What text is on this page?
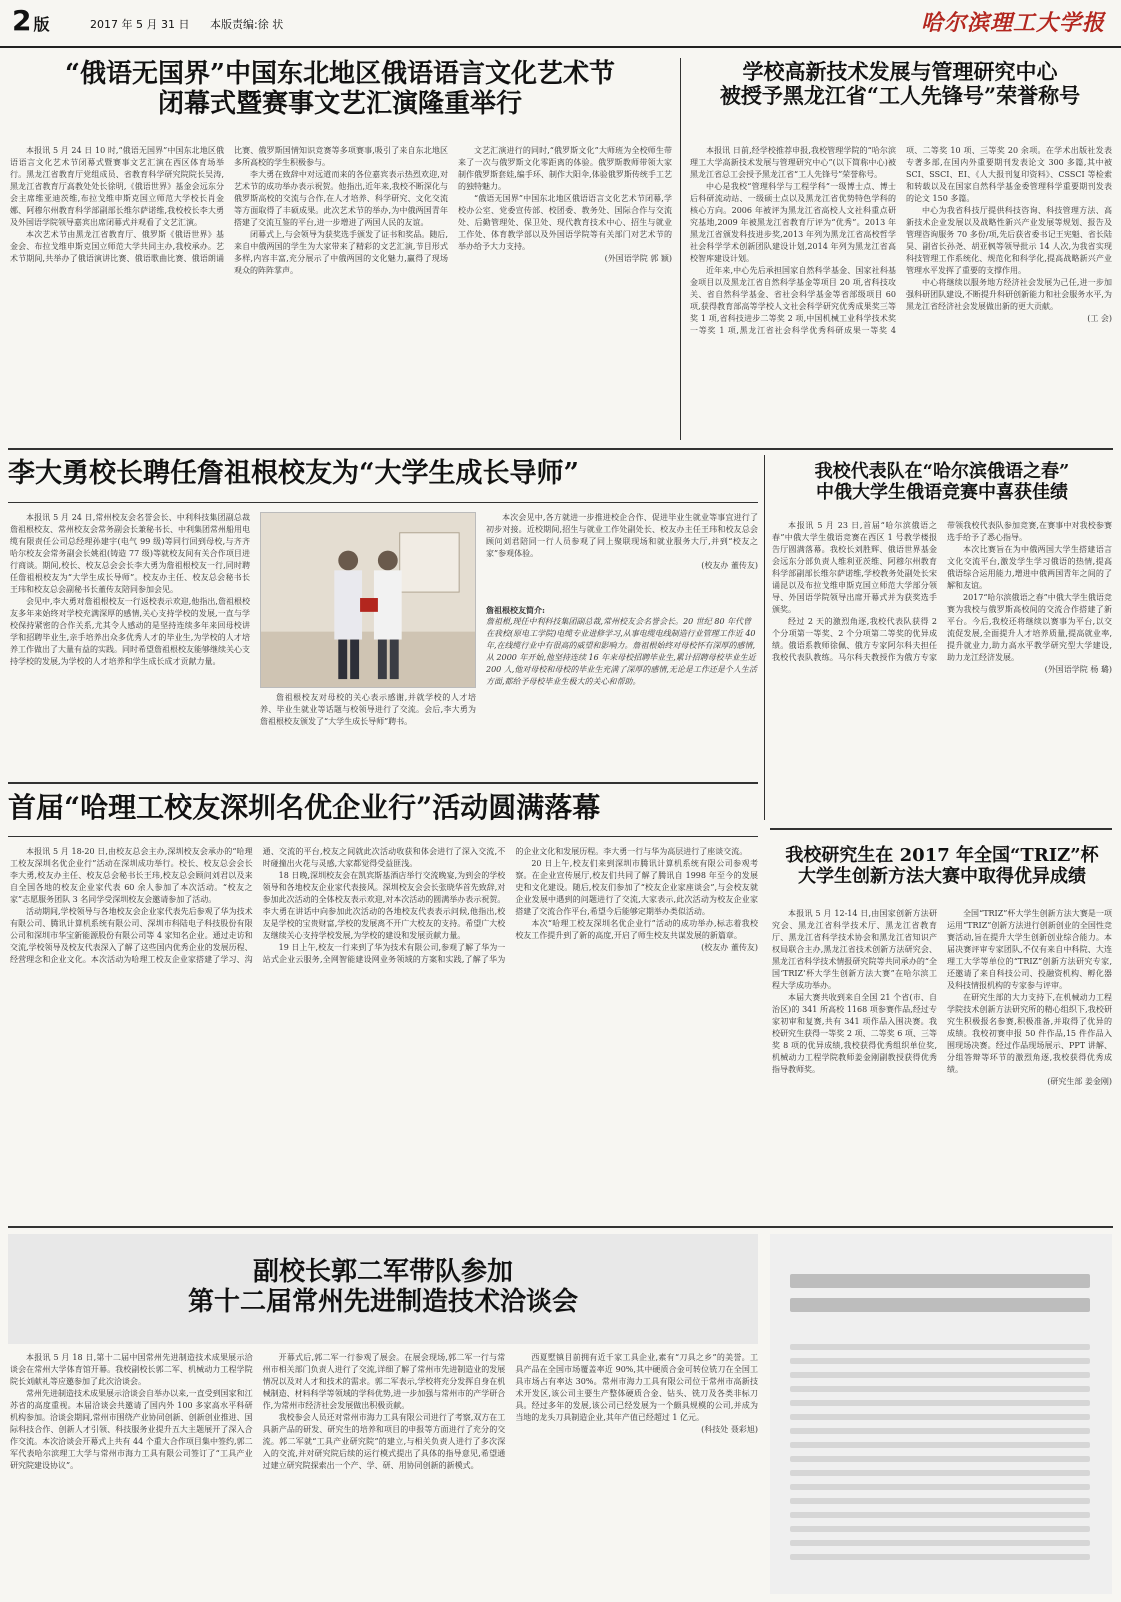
2 版	2017 年 5 月 31 日 本版责编:徐 状	哈尔滨理工大学报
“俄语无国界”中国东北地区俄语语言文化艺术节
闭幕式暨赛事文艺汇演隆重举行

本报讯 5 月 24 日 10 时,“俄语无国界”中国东北地区俄语语言文化艺术节闭幕式暨赛事文艺汇演在西区体育场举行。黑龙江省教育厅党组成员、省教育科学研究院院长吴涛,黑龙江省教育厅高教处处长徐明,《俄语世界》基金会远东分会主席维亚迪茨维,布拉戈维申斯克国立师范大学校长肖金娜、阿穆尔州教育科学部副部长维尔萨诺维,我校校长李大勇及外国语学院领导嘉宾出席闭幕式并观看了文艺汇演。

本次艺术节由黑龙江省教育厅、俄罗斯《俄语世界》基金会、布拉戈维申斯克国立师范大学共同主办,我校承办。艺术节期间,共举办了俄语演讲比赛、俄语歌曲比赛、俄语朗诵比赛、俄罗斯国情知识竞赛等多项赛事,吸引了来自东北地区多所高校的学生积极参与。

李大勇在致辞中对远道而来的各位嘉宾表示热烈欢迎,对艺术节的成功举办表示祝贺。他指出,近年来,我校不断深化与俄罗斯高校的交流与合作,在人才培养、科学研究、文化交流等方面取得了丰硕成果。此次艺术节的举办,为中俄两国青年搭建了交流互鉴的平台,进一步增进了两国人民的友谊。

闭幕式上,与会领导为获奖选手颁发了证书和奖品。随后,来自中俄两国的学生为大家带来了精彩的文艺汇演,节目形式多样,内容丰富,充分展示了中俄两国的文化魅力,赢得了现场观众的阵阵掌声。

文艺汇演进行的同时,“俄罗斯文化”大师班为全校师生带来了一次与俄罗斯文化零距离的体验。俄罗斯教师带领大家制作俄罗斯套娃,编手环、制作大阳伞,体验俄罗斯传统手工艺的独特魅力。

“俄语无国界”中国东北地区俄语语言文化艺术节闭幕,学校办公室、党委宣传部、校团委、教务处、国际合作与交流处、后勤管理处、保卫处、现代教育技术中心、招生与就业工作处、体育教学部以及外国语学院等有关部门对艺术节的举办给予大力支持。

(外国语学院 郭 颖)
学校高新技术发展与管理研究中心
被授予黑龙江省“工人先锋号”荣誉称号

本报讯 日前,经学校推荐申报,我校管理学院的“哈尔滨理工大学高新技术发展与管理研究中心”(以下简称中心)被黑龙江省总工会授予黑龙江省“工人先锋号”荣誉称号。

中心是我校“管理科学与工程学科”一级博士点、博士后科研流动站、一级硕士点以及黑龙江省优势特色学科的核心方向。2006 年被评为黑龙江省高校人文社科重点研究基地,2009 年被黑龙江省教育厅评为“优秀”。2013 年黑龙江省颁发科技进步奖,2013 年列为黑龙江省高校哲学社会科学学术创新团队建设计划,2014 年列为黑龙江省高校智库建设计划。

近年来,中心先后承担国家自然科学基金、国家社科基金项目以及黑龙江省自然科学基金等项目 20 项,省科技攻关、省自然科学基金、省社会科学基金等省部级项目 60 项,获得教育部高等学校人文社会科学研究优秀成果奖三等奖 1 项,省科技进步二等奖 2 项,中国机械工业科学技术奖一等奖 1 项,黑龙江省社会科学优秀科研成果一等奖 4 项、二等奖 10 项、三等奖 20 余项。在学术出版社发表专著多部,在国内外重要期刊发表论文 300 多篇,其中被 SCI、SSCI、EI、《人大报刊复印资料》、CSSCI 等检索和转载以及在国家自然科学基金委管理科学重要期刊发表的论文 150 多篇。

中心为我省科技厅提供科技咨询、科技管理方法、高新技术企业发展以及战略性新兴产业发展等规划、报告及管理咨询服务 70 多份/项,先后获省委书记王宪魁、省长陆昊、副省长孙尧、胡亚枫等领导批示 14 人次,为我省实现科技管理工作系统化、规范化和科学化,提高战略新兴产业管理水平发挥了重要的支撑作用。

中心将继续以服务地方经济社会发展为己任,进一步加强科研团队建设,不断提升科研创新能力和社会服务水平,为黑龙江省经济社会发展做出新的更大贡献。

(工 会)
李大勇校长聘任詹祖根校友为“大学生成长导师”

本报讯 5 月 24 日,常州校友会名誉会长、中利科技集团副总裁詹祖根校友、常州校友会常务副会长兼秘书长、中利集团常州船用电缆有限责任公司总经理孙建宇(电气 99 级)等同行回到母校,与齐齐哈尔校友会常务副会长姚祖(铸造 77 级)等就校友间有关合作项目进行商谈。期间,校长、校友总会会长李大勇为詹祖根校友一行,同时聘任詹祖根校友为“大学生成长导师”。校友办主任、校友总会秘书长王玮和校友总会副秘书长董传友陪同参加会见。

会见中,李大勇对詹祖根校友一行返校表示欢迎,他指出,詹祖根校友多年来始终对学校充满深厚的感情,关心支持学校的发展,一直与学校保持紧密的合作关系,尤其令人感动的是坚持连续多年来回母校讲学和招聘毕业生,亲手培养出众多优秀人才的毕业生,为学校的人才培养工作做出了大量有益的实践。同时希望詹祖根校友能够继续关心支持学校的发展,为学校的人才培养和学生成长成才贡献力量。

詹祖根校友对母校的关心表示感谢,并就学校的人才培养、毕业生就业等话题与校领导进行了交流。会后,李大勇为詹祖根校友颁发了“大学生成长导师”聘书。

本次会见中,各方就进一步推进校企合作、促进毕业生就业等事宜进行了初步对接。近校期间,招生与就业工作处副处长、校友办主任王玮和校友总会顾问刘君陪同一行人员参观了同上聚联现场和就业服务大厅,并到“校友之家”参观体验。

(校友办 董传友)
詹祖根校友简介:
詹祖根,现任中利科技集团副总裁,常州校友会名誉会长。20 世纪 80 年代曾在我校(原电工学院)电缆专业进修学习,从事电缆电线制造行业管理工作近 40 年,在线缆行业中有很高的威望和影响力。詹祖根始终对母校怀有深厚的感情,从 2000 年开始,他坚持连续 16 年来母校招聘毕业生,累计招聘母校毕业生近 200 人,他对母校和母校的毕业生充满了深厚的感情,无论是工作还是个人生活方面,都给予母校毕业生极大的关心和帮助。
我校代表队在“哈尔滨俄语之春”
中俄大学生俄语竞赛中喜获佳绩

本报讯 5 月 23 日,首届“哈尔滨俄语之春”中俄大学生俄语竞赛在西区 1 号教学楼报告厅圆满落幕。我校长刘胜辉、俄语世界基金会远东分部负责人维利亚茨维、阿穆尔州教育科学部副部长维尔萨诺维,学校教务处副处长宋诵昆以及布拉戈维申斯克国立师范大学部分领导、外国语学院领导出席开幕式并为获奖选手颁奖。

经过 2 天的激烈角逐,我校代表队获得 2 个分项第一等奖、2 个分项第二等奖的优异成绩。俄语系教师徐佩、俄方专家阿尔科夫担任我校代表队教练。马尔科夫教授作为俄方专家带领我校代表队参加竞赛,在赛事中对我校参赛选手给予了悉心指导。

本次比赛旨在为中俄两国大学生搭建语言文化交流平台,激发学生学习俄语的热情,提高俄语综合运用能力,增进中俄两国青年之间的了解和友谊。

2017“哈尔滨俄语之春”中俄大学生俄语竞赛为我校与俄罗斯高校间的交流合作搭建了新平台。今后,我校还将继续以赛事为平台,以交流促发展,全面提升人才培养质量,提高就业率,提升就业力,助力高水平教学研究型大学建设,助力龙江经济发展。

(外国语学院 杨 璐)
首届“哈理工校友深圳名优企业行”活动圆满落幕

本报讯 5 月 18-20 日,由校友总会主办,深圳校友会承办的“哈理工校友深圳名优企业行”活动在深圳成功举行。校长、校友总会会长李大勇,校友办主任、校友总会秘书长王玮,校友总会顾问刘君以及来自全国各地的校友企业家代表 60 余人参加了本次活动。“校友之家”志愿服务团队 3 名同学受深圳校友会邀请参加了活动。

活动期间,学校领导与各地校友会企业家代表先后参观了华为技术有限公司、腾讯计算机系统有限公司、深圳市科陆电子科技股份有限公司和深圳市华宝新能源股份有限公司等 4 家知名企业。通过走访和交流,学校领导及校友代表深入了解了这些国内优秀企业的发展历程、经营理念和企业文化。本次活动为哈理工校友企业家搭建了学习、沟通、交流的平台,校友之间就此次活动收获和体会进行了深入交流,不时碰撞出火花与灵感,大家都觉得受益匪浅。

18 日晚,深圳校友会在凯宾斯基酒店举行交流晚宴,为到会的学校领导和各地校友企业家代表接风。深圳校友会会长张晓华首先致辞,对参加此次活动的全体校友表示欢迎,对本次活动的圆满举办表示祝贺。李大勇在讲话中向参加此次活动的各地校友代表表示问候,他指出,校友是学校的宝贵财富,学校的发展离不开广大校友的支持。希望广大校友继续关心支持学校发展,为学校的建设和发展贡献力量。

19 日上午,校友一行来到了华为技术有限公司,参观了解了华为一站式企业云服务,全网智能建设网业务领域的方案和实践,了解了华为的企业文化和发展历程。李大勇一行与华为高层进行了座谈交流。

20 日上午,校友们来到深圳市腾讯计算机系统有限公司参观考察。在企业宣传展厅,校友们共同了解了腾讯自 1998 年至今的发展史和文化建设。随后,校友们参加了“校友企业家座谈会”,与会校友就企业发展中遇到的问题进行了交流,大家表示,此次活动为校友企业家搭建了交流合作平台,希望今后能够定期举办类似活动。

本次“哈理工校友深圳名优企业行”活动的成功举办,标志着我校校友工作提升到了新的高度,开启了师生校友共谋发展的新篇章。

(校友办 董传友)
我校研究生在 2017 年全国“TRIZ”杯
大学生创新方法大赛中取得优异成绩

本报讯 5 月 12-14 日,由国家创新方法研究会、黑龙江省科学技术厅、黑龙江省教育厅、黑龙江省科学技术协会和黑龙江省知识产权局联合主办,黑龙江省技术创新方法研究会、黑龙江省科学技术情报研究院等共同承办的“全国‘TRIZ’杯大学生创新方法大赛”在哈尔滨工程大学成功举办。

本届大赛共收到来自全国 21 个省(市、自治区)的 341 所高校 1168 项参赛作品,经过专家初审和复赛,共有 341 项作品入围决赛。我校研究生获得一等奖 2 项、二等奖 6 项、三等奖 8 项的优异成绩,我校获得优秀组织单位奖,机械动力工程学院教师姜金刚副教授获得优秀指导教师奖。

全国“TRIZ”杯大学生创新方法大赛是一项运用“TRIZ”创新方法进行创新创业的全国性竞赛活动,旨在提升大学生创新创业综合能力。本届决赛评审专家团队,不仅有来自中科院、大连理工大学等单位的“TRIZ”创新方法研究专家,还邀请了来自科技公司、投融资机构、孵化器及科技情报机构的专家参与评审。

在研究生部的大力支持下,在机械动力工程学院技术创新方法研究所的精心组织下,我校研究生积极报名参赛,积极准备,并取得了优异的成绩。我校初赛申报 50 件作品,15 件作品入围现场决赛。经过作品现场展示、PPT 讲解、分组答辩等环节的激烈角逐,我校获得优秀成绩。

(研究生部 姜金刚)
副校长郭二军带队参加
第十二届常州先进制造技术洽谈会

本报讯 5 月 18 日,第十二届中国常州先进制造技术成果展示洽谈会在常州大学体育馆开幕。我校副校长郭二军、机械动力工程学院院长刘献礼等应邀参加了此次洽谈会。

常州先进制造技术成果展示洽谈会自举办以来,一直受到国家和江苏省的高度重视。本届洽谈会共邀请了国内外 100 多家高水平科研机构参加。洽谈会期间,常州市围绕产业协同创新、创新创业推进、国际科技合作、创新人才引领、科技服务业提升五大主题展开了深入合作交流。本次洽谈会开幕式上共有 44 个重大合作项目集中签约,郭二军代表哈尔滨理工大学与常州市海力工具有限公司签订了“工具产业研究院建设协议”。

开幕式后,郭二军一行参观了展会。在展会现场,郭二军一行与常州市相关部门负责人进行了交流,详细了解了常州市先进制造业的发展情况以及对人才和技术的需求。郭二军表示,学校将充分发挥自身在机械制造、材料科学等领域的学科优势,进一步加强与常州市的产学研合作,为常州市经济社会发展做出积极贡献。

我校参会人员还对常州市海力工具有限公司进行了考察,双方在工具新产品的研发、研究生的培养和项目的申报等方面进行了充分的交流。郭二军就“工具产业研究院”的建立,与相关负责人进行了多次深入的交流,并对研究院后续的运行模式提出了具体的指导意见,希望通过建立研究院探索出一个产、学、研、用协同创新的新模式。

西夏墅镇目前拥有近千家工具企业,素有“刀具之乡”的美誉。工具产品在全国市场覆盖率近 90%,其中硬质合金可转位铣刀在全国工具市场占有率达 30%。常州市海力工具有限公司位于常州市高新技术开发区,该公司主要生产整体硬质合金、钻头、铣刀及各类非标刀具。经过多年的发展,该公司已经发展为一个颇具规模的公司,并成为当地的龙头刀具制造企业,其年产值已经超过 1 亿元。

(科技处 聂彩旭)
